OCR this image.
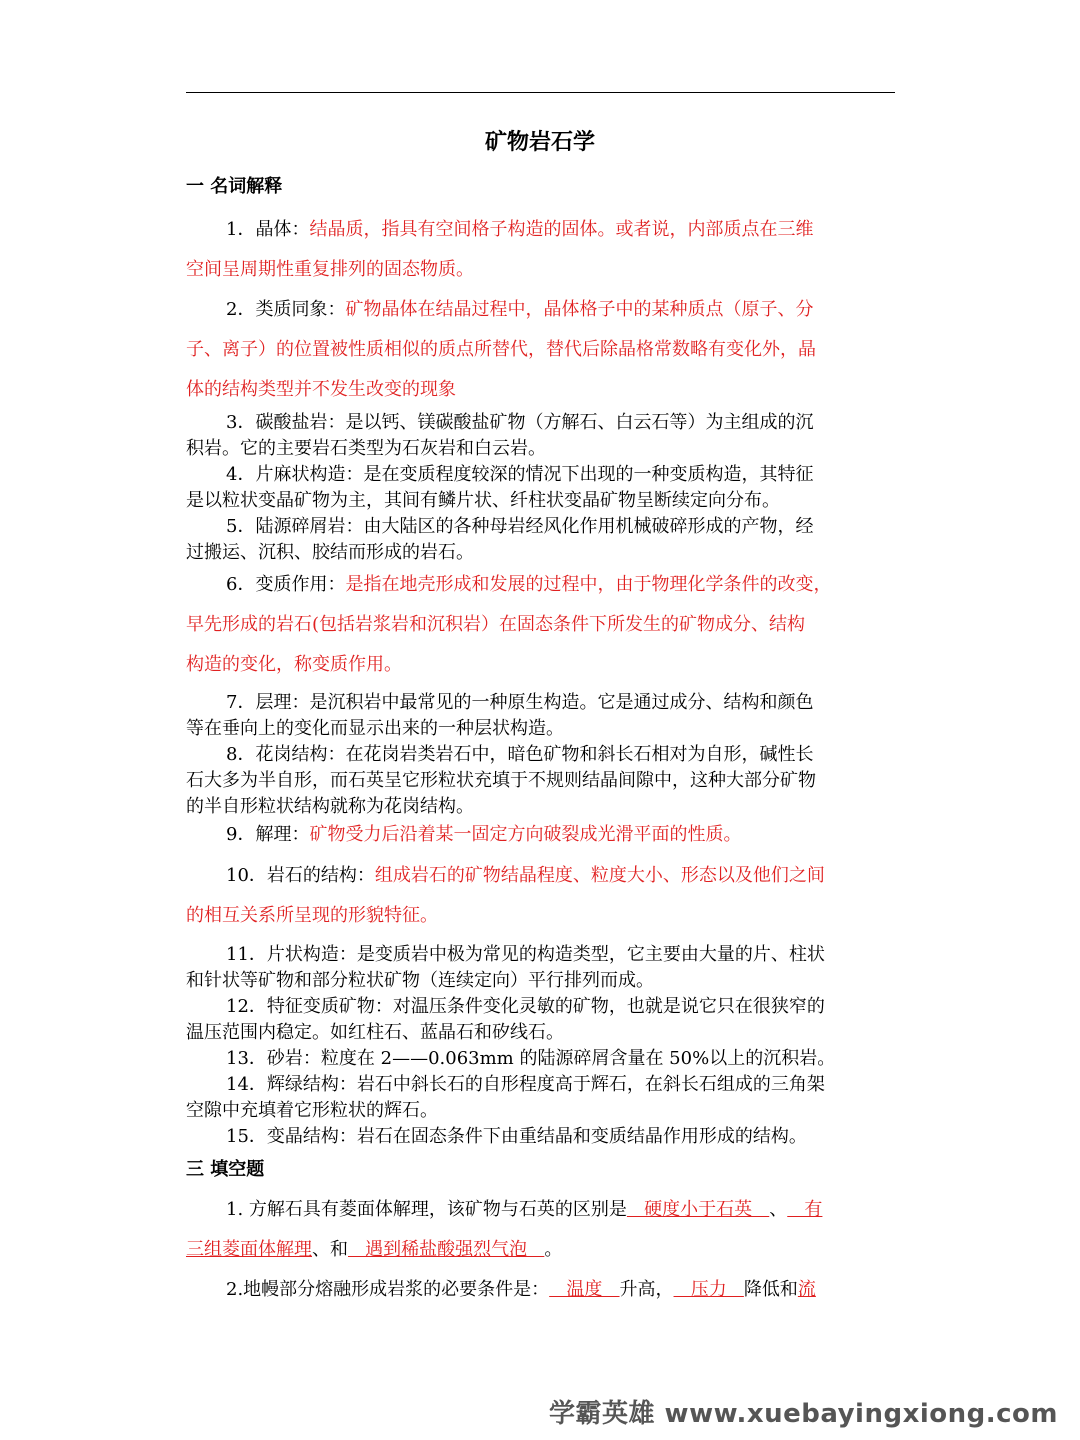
矿物岩石学
一 名词解释
1．晶体：结晶质，指具有空间格子构造的固体。或者说，内部质点在三维
空间呈周期性重复排列的固态物质。
2．类质同象：矿物晶体在结晶过程中，晶体格子中的某种质点（原子、分
子、离子）的位置被性质相似的质点所替代，替代后除晶格常数略有变化外，晶
体的结构类型并不发生改变的现象
3．碳酸盐岩：是以钙、镁碳酸盐矿物（方解石、白云石等）为主组成的沉
积岩。它的主要岩石类型为石灰岩和白云岩。
4．片麻状构造：是在变质程度较深的情况下出现的一种变质构造，其特征
是以粒状变晶矿物为主，其间有鳞片状、纤柱状变晶矿物呈断续定向分布。
5．陆源碎屑岩：由大陆区的各种母岩经风化作用机械破碎形成的产物，经
过搬运、沉积、胶结而形成的岩石。
6．变质作用：是指在地壳形成和发展的过程中，由于物理化学条件的改变，
早先形成的岩石(包括岩浆岩和沉积岩）在固态条件下所发生的矿物成分、结构
构造的变化，称变质作用。
7．层理：是沉积岩中最常见的一种原生构造。它是通过成分、结构和颜色
等在垂向上的变化而显示出来的一种层状构造。
8．花岗结构：在花岗岩类岩石中，暗色矿物和斜长石相对为自形，碱性长
石大多为半自形，而石英呈它形粒状充填于不规则结晶间隙中，这种大部分矿物
的半自形粒状结构就称为花岗结构。
9．解理：矿物受力后沿着某一固定方向破裂成光滑平面的性质。
10．岩石的结构：组成岩石的矿物结晶程度、粒度大小、形态以及他们之间
的相互关系所呈现的形貌特征。
11．片状构造：是变质岩中极为常见的构造类型，它主要由大量的片、柱状
和针状等矿物和部分粒状矿物（连续定向）平行排列而成。
12．特征变质矿物：对温压条件变化灵敏的矿物，也就是说它只在很狭窄的
温压范围内稳定。如红柱石、蓝晶石和矽线石。
13．砂岩：粒度在 2——0.063mm 的陆源碎屑含量在 50%以上的沉积岩。
14．辉绿结构：岩石中斜长石的自形程度高于辉石，在斜长石组成的三角架
空隙中充填着它形粒状的辉石。
15．变晶结构：岩石在固态条件下由重结晶和变质结晶作用形成的结构。
三 填空题
1. 方解石具有菱面体解理，该矿物与石英的区别是   硬度小于石英   、   有
三组菱面体解理、和   遇到稀盐酸强烈气泡   。
2.地幔部分熔融形成岩浆的必要条件是：   温度   升高，   压力   降低和流
学霸英雄 www.xuebayingxiong.com
